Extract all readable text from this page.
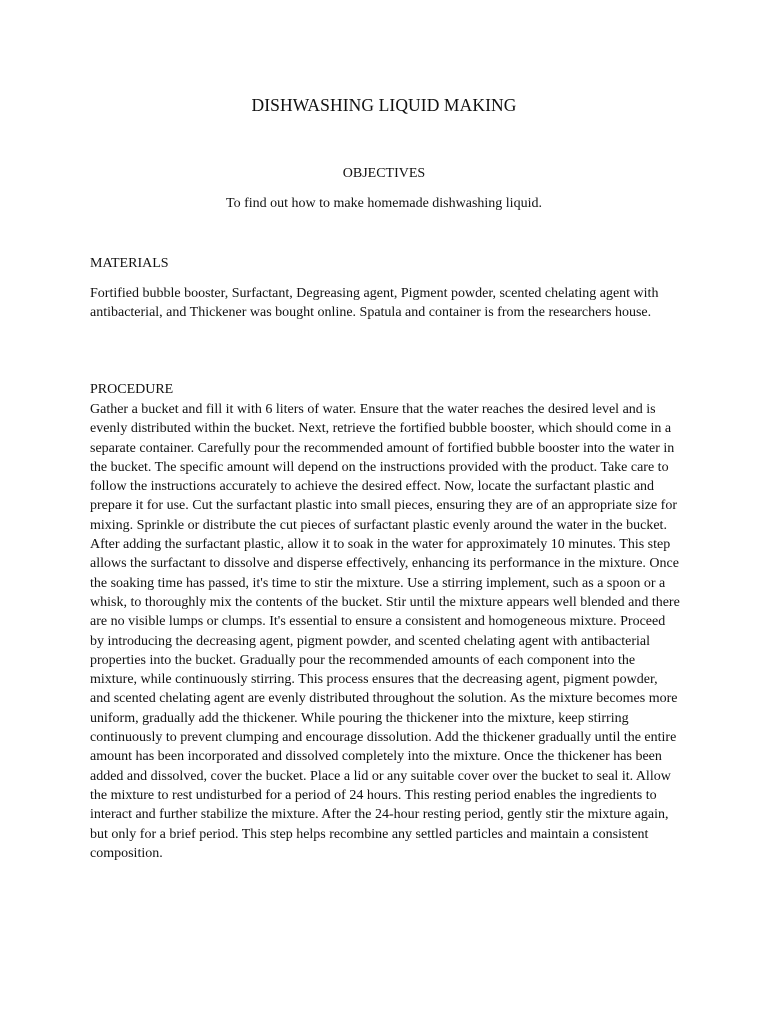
DISHWASHING LIQUID MAKING
OBJECTIVES
To find out how to make homemade dishwashing liquid.
MATERIALS
Fortified bubble booster, Surfactant, Degreasing agent, Pigment powder, scented chelating agent with antibacterial, and Thickener was bought online. Spatula and container is from the researchers house.
PROCEDURE
Gather a bucket and fill it with 6 liters of water. Ensure that the water reaches the desired level and is evenly distributed within the bucket. Next, retrieve the fortified bubble booster, which should come in a separate container. Carefully pour the recommended amount of fortified bubble booster into the water in the bucket. The specific amount will depend on the instructions provided with the product. Take care to follow the instructions accurately to achieve the desired effect. Now, locate the surfactant plastic and prepare it for use. Cut the surfactant plastic into small pieces, ensuring they are of an appropriate size for mixing. Sprinkle or distribute the cut pieces of surfactant plastic evenly around the water in the bucket. After adding the surfactant plastic, allow it to soak in the water for approximately 10 minutes. This step allows the surfactant to dissolve and disperse effectively, enhancing its performance in the mixture. Once the soaking time has passed, it's time to stir the mixture. Use a stirring implement, such as a spoon or a whisk, to thoroughly mix the contents of the bucket. Stir until the mixture appears well blended and there are no visible lumps or clumps. It's essential to ensure a consistent and homogeneous mixture. Proceed by introducing the decreasing agent, pigment powder, and scented chelating agent with antibacterial properties into the bucket. Gradually pour the recommended amounts of each component into the mixture, while continuously stirring. This process ensures that the decreasing agent, pigment powder, and scented chelating agent are evenly distributed throughout the solution. As the mixture becomes more uniform, gradually add the thickener. While pouring the thickener into the mixture, keep stirring continuously to prevent clumping and encourage dissolution. Add the thickener gradually until the entire amount has been incorporated and dissolved completely into the mixture. Once the thickener has been added and dissolved, cover the bucket. Place a lid or any suitable cover over the bucket to seal it. Allow the mixture to rest undisturbed for a period of 24 hours. This resting period enables the ingredients to interact and further stabilize the mixture. After the 24-hour resting period, gently stir the mixture again, but only for a brief period. This step helps recombine any settled particles and maintain a consistent composition.
